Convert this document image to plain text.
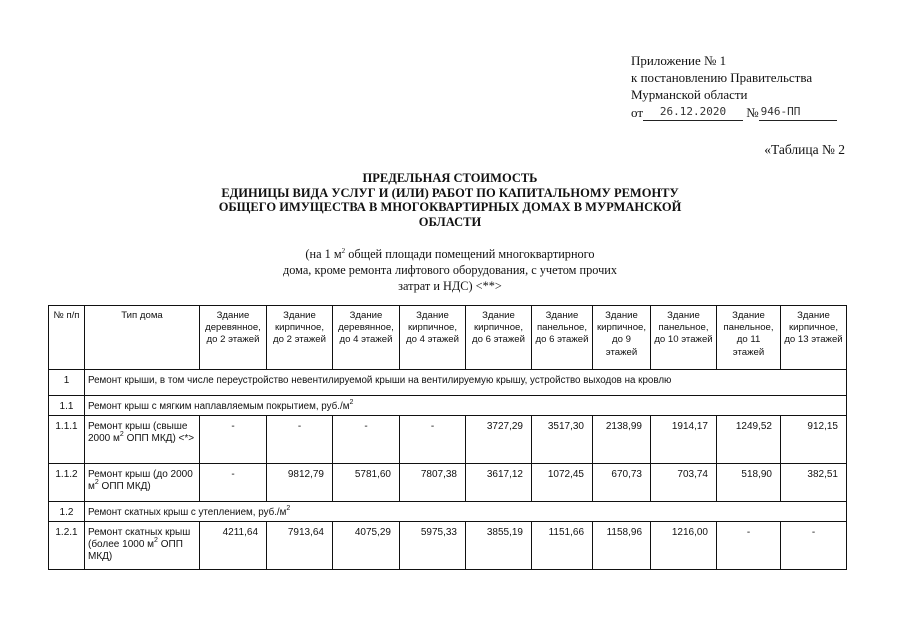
Приложение № 1
к постановлению Правительства
Мурманской области
от 26.12.2020 № 946-ПП
«Таблица № 2
ПРЕДЕЛЬНАЯ СТОИМОСТЬ
ЕДИНИЦЫ ВИДА УСЛУГ И (ИЛИ) РАБОТ ПО КАПИТАЛЬНОМУ РЕМОНТУ
ОБЩЕГО ИМУЩЕСТВА В МНОГОКВАРТИРНЫХ ДОМАХ В МУРМАНСКОЙ
ОБЛАСТИ
(на 1 $м^2$ общей площади помещений многоквартирного
дома, кроме ремонта лифтового оборудования, с учетом прочих
затрат и НДС) <**>
№ п/п	Тип дома	Здание деревянное, до 2 этажей	Здание кирпичное, до 2 этажей	Здание деревянное, до 4 этажей	Здание кирпичное, до 4 этажей	Здание кирпичное, до 6 этажей	Здание панельное, до 6 этажей	Здание кирпичное, до 9 этажей	Здание панельное, до 10 этажей	Здание панельное, до 11 этажей	Здание кирпичное, до 13 этажей
1	Ремонт крыши, в том числе переустройство невентилируемой крыши на вентилируемую крышу, устройство выходов на кровлю										
1.1	Ремонт крыш с мягким наплавляемым покрытием, $руб./м^2$
1.1.1	Ремонт крыш (свыше 2000 $м^2$ ОПП МКД) <*>	-	-	-	-	3727,29	3517,30	2138,99	1914,17	1249,52	912,15
1.1.2	Ремонт крыш (до 2000 $м^2$ ОПП МКД)	-	9812,79	5781,60	7807,38	3617,12	1072,45	670,73	703,74	518,90	382,51
1.2	Ремонт скатных крыш с утеплением, $руб./м^2$
1.2.1	Ремонт скатных крыш (более 1000 $м^2$ ОПП МКД)	4211,64	7913,64	4075,29	5975,33	3855,19	1151,66	1158,96	1216,00	-	-
